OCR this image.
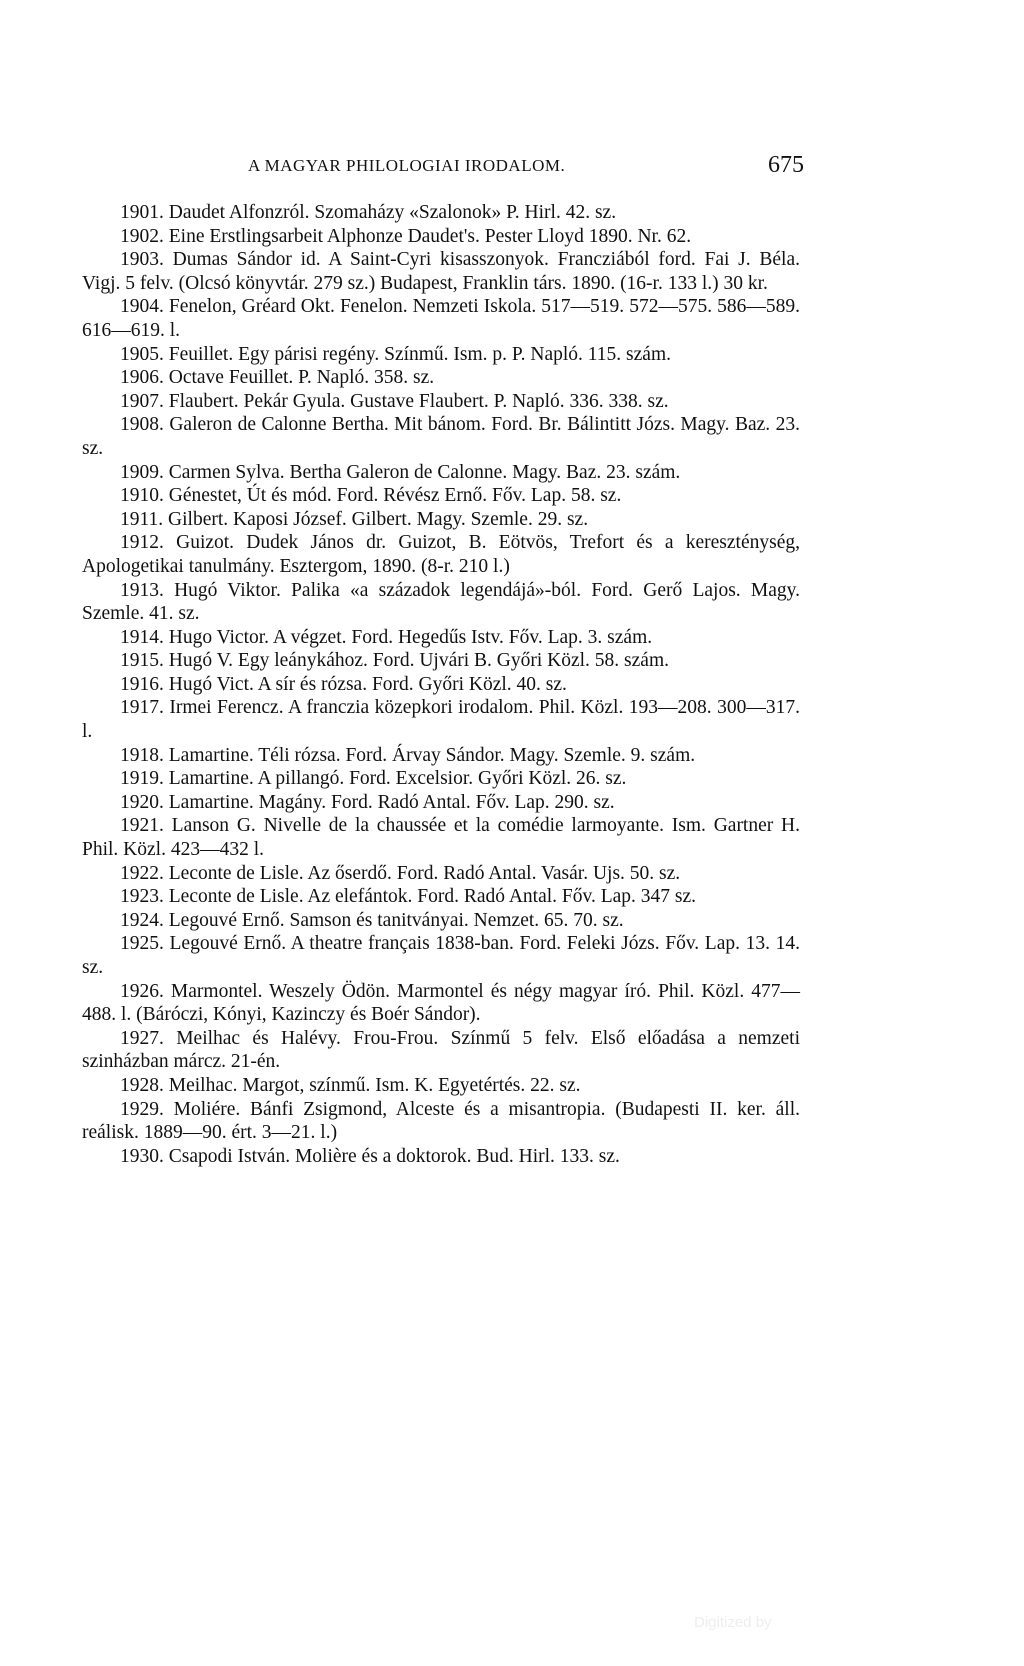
A MAGYAR PHILOLOGIAI IRODALOM.	675

1901. Daudet Alfonzról. Szomaházy «Szalonok» P. Hirl. 42. sz.

1902. Eine Erstlingsarbeit Alphonze Daudet's. Pester Lloyd 1890. Nr. 62.

1903. Dumas Sándor id. A Saint-Cyri kisasszonyok. Francziából ford. Fai J. Béla. Vigj. 5 felv. (Olcsó könyvtár. 279 sz.) Budapest, Franklin társ. 1890. (16-r. 133 l.) 30 kr.

1904. Fenelon, Gréard Okt. Fenelon. Nemzeti Iskola. 517—519. 572—575. 586—589. 616—619. l.

1905. Feuillet. Egy párisi regény. Színmű. Ism. p. P. Napló. 115. szám.

1906. Octave Feuillet. P. Napló. 358. sz.

1907. Flaubert. Pekár Gyula. Gustave Flaubert. P. Napló. 336. 338. sz.

1908. Galeron de Calonne Bertha. Mit bánom. Ford. Br. Bálintitt Józs. Magy. Baz. 23. sz.

1909. Carmen Sylva. Bertha Galeron de Calonne. Magy. Baz. 23. szám.

1910. Génestet, Út és mód. Ford. Révész Ernő. Főv. Lap. 58. sz.

1911. Gilbert. Kaposi József. Gilbert. Magy. Szemle. 29. sz.

1912. Guizot. Dudek János dr. Guizot, B. Eötvös, Trefort és a kereszténység, Apologetikai tanulmány. Esztergom, 1890. (8-r. 210 l.)

1913. Hugó Viktor. Palika «a századok legendájá»-ból. Ford. Gerő Lajos. Magy. Szemle. 41. sz.

1914. Hugo Victor. A végzet. Ford. Hegedűs Istv. Főv. Lap. 3. szám.

1915. Hugó V. Egy leánykához. Ford. Ujvári B. Győri Közl. 58. szám.

1916. Hugó Vict. A sír és rózsa. Ford. Győri Közl. 40. sz.

1917. Irmei Ferencz. A franczia közepkori irodalom. Phil. Közl. 193—208. 300—317. l.

1918. Lamartine. Téli rózsa. Ford. Árvay Sándor. Magy. Szemle. 9. szám.

1919. Lamartine. A pillangó. Ford. Excelsior. Győri Közl. 26. sz.

1920. Lamartine. Magány. Ford. Radó Antal. Főv. Lap. 290. sz.

1921. Lanson G. Nivelle de la chaussée et la comédie larmoyante. Ism. Gartner H. Phil. Közl. 423—432 l.

1922. Leconte de Lisle. Az őserdő. Ford. Radó Antal. Vasár. Ujs. 50. sz.

1923. Leconte de Lisle. Az elefántok. Ford. Radó Antal. Főv. Lap. 347 sz.

1924. Legouvé Ernő. Samson és tanitványai. Nemzet. 65. 70. sz.

1925. Legouvé Ernő. A theatre français 1838-ban. Ford. Feleki Józs. Főv. Lap. 13. 14. sz.

1926. Marmontel. Weszely Ödön. Marmontel és négy magyar író. Phil. Közl. 477—488. l. (Báróczi, Kónyi, Kazinczy és Boér Sándor).

1927. Meilhac és Halévy. Frou-Frou. Színmű 5 felv. Első előadása a nemzeti szinházban márcz. 21-én.

1928. Meilhac. Margot, színmű. Ism. K. Egyetértés. 22. sz.

1929. Moliére. Bánfi Zsigmond, Alceste és a misantropia. (Budapesti II. ker. áll. reálisk. 1889—90. ért. 3—21. l.)

1930. Csapodi István. Molière és a doktorok. Bud. Hirl. 133. sz.

Digitized by
